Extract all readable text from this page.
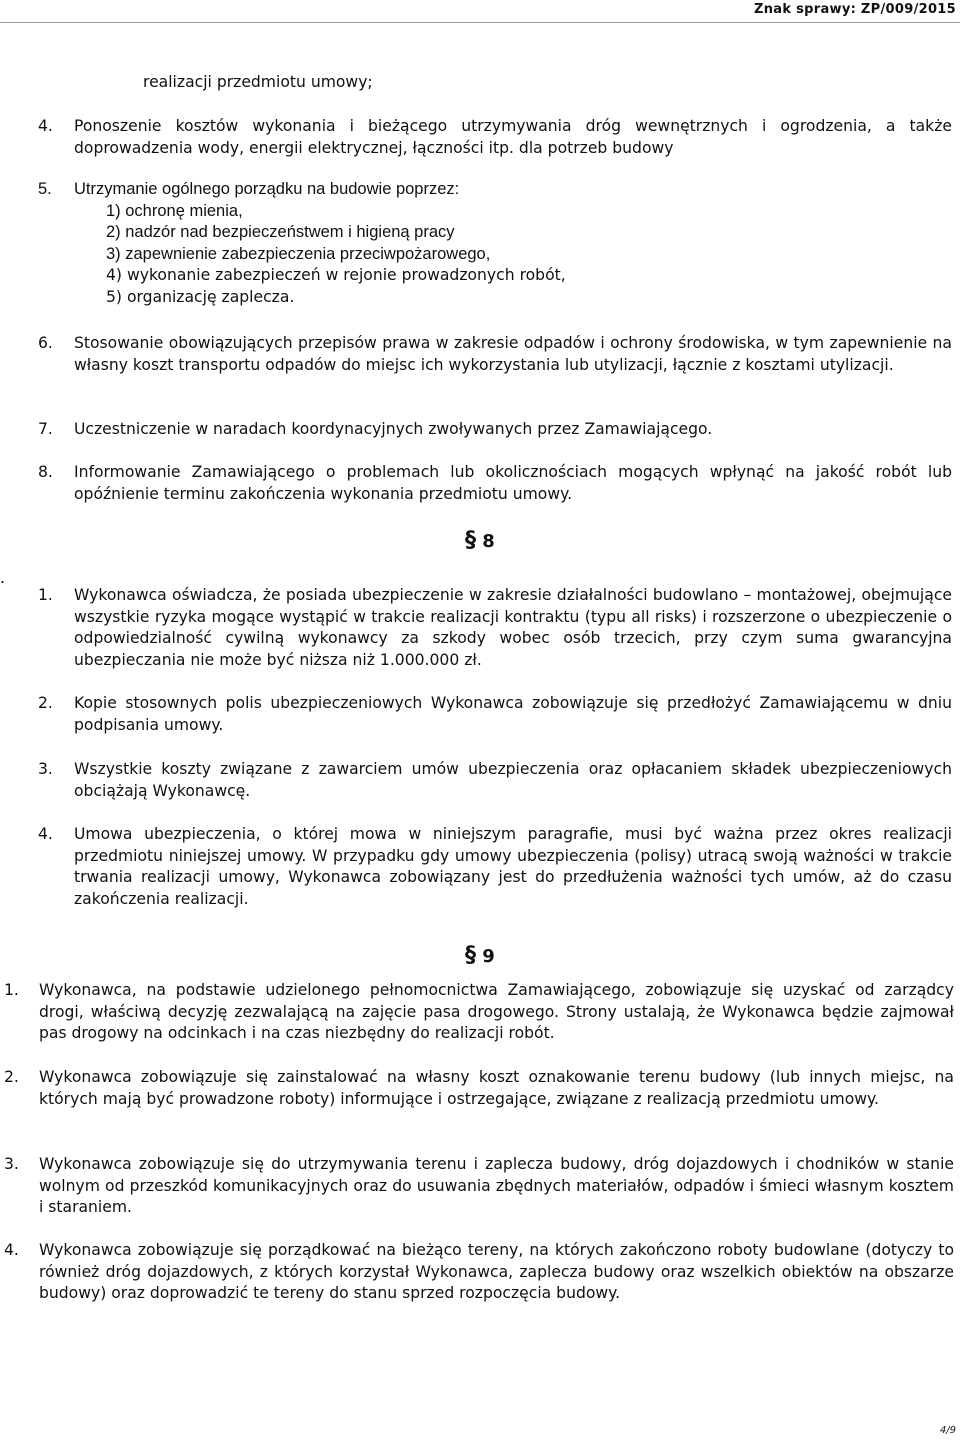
Znak sprawy: ZP/009/2015
realizacji przedmiotu umowy;
4. Ponoszenie kosztów wykonania i bieżącego utrzymywania dróg wewnętrznych i ogrodzenia, a także doprowadzenia wody, energii elektrycznej, łączności itp. dla potrzeb budowy
5. Utrzymanie ogólnego porządku na budowie poprzez:
1) ochronę mienia,
2) nadzór nad bezpieczeństwem i higieną pracy
3) zapewnienie zabezpieczenia przeciwpożarowego,
4) wykonanie zabezpieczeń w rejonie prowadzonych robót,
5) organizację zaplecza.
6. Stosowanie obowiązujących przepisów prawa w zakresie odpadów i ochrony środowiska, w tym zapewnienie na własny koszt transportu odpadów do miejsc ich wykorzystania lub utylizacji, łącznie z kosztami utylizacji.
7. Uczestniczenie w naradach koordynacyjnych zwoływanych przez Zamawiającego.
8. Informowanie Zamawiającego o problemach lub okolicznościach mogących wpłynąć na jakość robót lub opóźnienie terminu zakończenia wykonania przedmiotu umowy.
§ 8
.
1. Wykonawca oświadcza, że posiada ubezpieczenie w zakresie działalności budowlano – montażowej, obejmujące wszystkie ryzyka mogące wystąpić w trakcie realizacji kontraktu (typu all risks) i rozszerzone o ubezpieczenie o odpowiedzialność cywilną wykonawcy za szkody wobec osób trzecich, przy czym suma gwarancyjna ubezpieczania nie może być niższa niż 1.000.000 zł.
2. Kopie stosownych polis ubezpieczeniowych Wykonawca zobowiązuje się przedłożyć Zamawiającemu w dniu podpisania umowy.
3. Wszystkie koszty związane z zawarciem umów ubezpieczenia oraz opłacaniem składek ubezpieczeniowych obciążają Wykonawcę.
4. Umowa ubezpieczenia, o której mowa w niniejszym paragrafie, musi być ważna przez okres realizacji przedmiotu niniejszej umowy. W przypadku gdy umowy ubezpieczenia (polisy) utracą swoją ważności w trakcie trwania realizacji umowy, Wykonawca zobowiązany jest do przedłużenia ważności tych umów, aż do czasu zakończenia realizacji.
§ 9
1. Wykonawca, na podstawie udzielonego pełnomocnictwa Zamawiającego, zobowiązuje się uzyskać od zarządcy drogi, właściwą decyzję zezwalającą na zajęcie pasa drogowego. Strony ustalają, że Wykonawca będzie zajmował pas drogowy na odcinkach i na czas niezbędny do realizacji robót.
2. Wykonawca zobowiązuje się zainstalować na własny koszt oznakowanie terenu budowy (lub innych miejsc, na których mają być prowadzone roboty) informujące i ostrzegające, związane z realizacją przedmiotu umowy.
3. Wykonawca zobowiązuje się do utrzymywania terenu i zaplecza budowy, dróg dojazdowych i chodników w stanie wolnym od przeszkód komunikacyjnych oraz do usuwania zbędnych materiałów, odpadów i śmieci własnym kosztem i staraniem.
4. Wykonawca zobowiązuje się porządkować na bieżąco tereny, na których zakończono roboty budowlane (dotyczy to również dróg dojazdowych, z których korzystał Wykonawca, zaplecza budowy oraz wszelkich obiektów na obszarze budowy) oraz doprowadzić te tereny do stanu sprzed rozpoczęcia budowy.
4/9
